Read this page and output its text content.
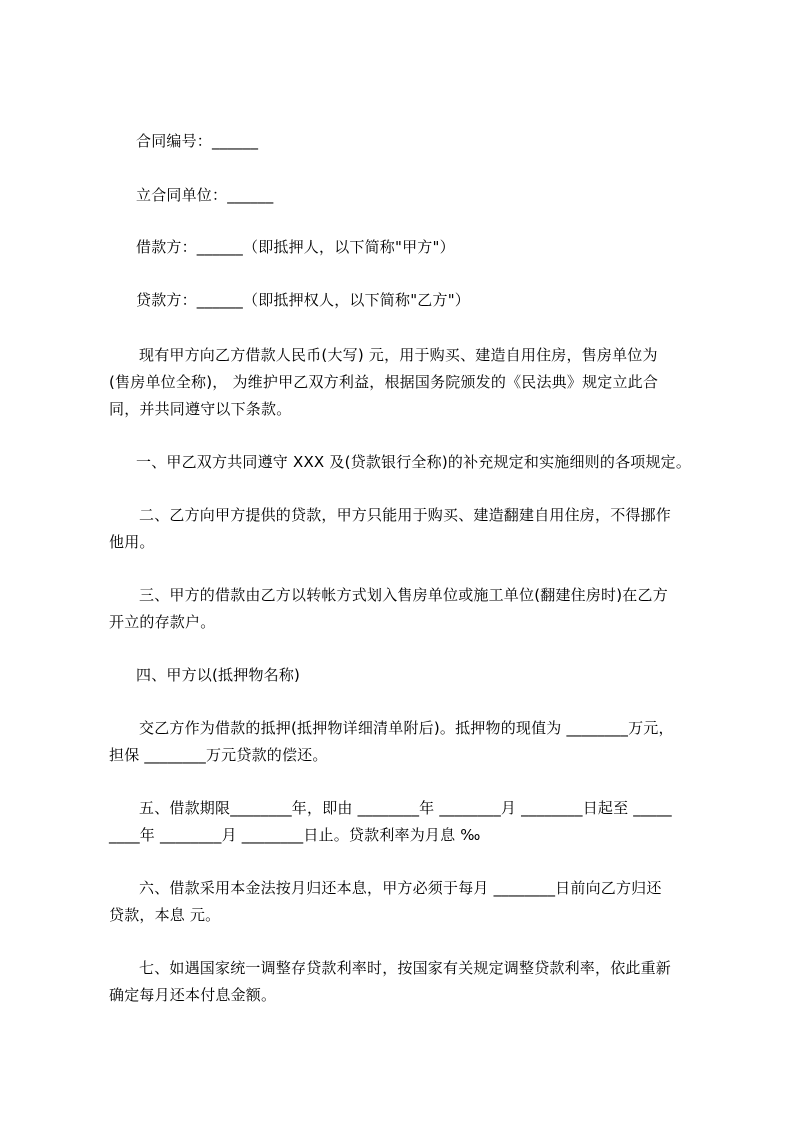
合同编号：______
立合同单位：______
借款方：______（即抵押人，以下简称"甲方"）
贷款方：______（即抵押权人，以下简称"乙方"）
现有甲方向乙方借款人民币(大写) 元，用于购买、建造自用住房，售房单位为
(售房单位全称)， 为维护甲乙双方利益，根据国务院颁发的《民法典》规定立此合
同，并共同遵守以下条款。
一、甲乙双方共同遵守 XXX 及(贷款银行全称)的补充规定和实施细则的各项规定。
二、乙方向甲方提供的贷款，甲方只能用于购买、建造翻建自用住房，不得挪作
他用。
三、甲方的借款由乙方以转帐方式划入售房单位或施工单位(翻建住房时)在乙方
开立的存款户。
四、甲方以(抵押物名称)
交乙方作为借款的抵押(抵押物详细清单附后)。抵押物的现值为 ________万元，
担保 ________万元贷款的偿还。
五、借款期限________年，即由 ________年 ________月 ________日起至 _____
____年 ________月 ________日止。贷款利率为月息 ‰
六、借款采用本金法按月归还本息，甲方必须于每月 ________日前向乙方归还
贷款，本息 元。
七、如遇国家统一调整存贷款利率时，按国家有关规定调整贷款利率，依此重新
确定每月还本付息金额。
